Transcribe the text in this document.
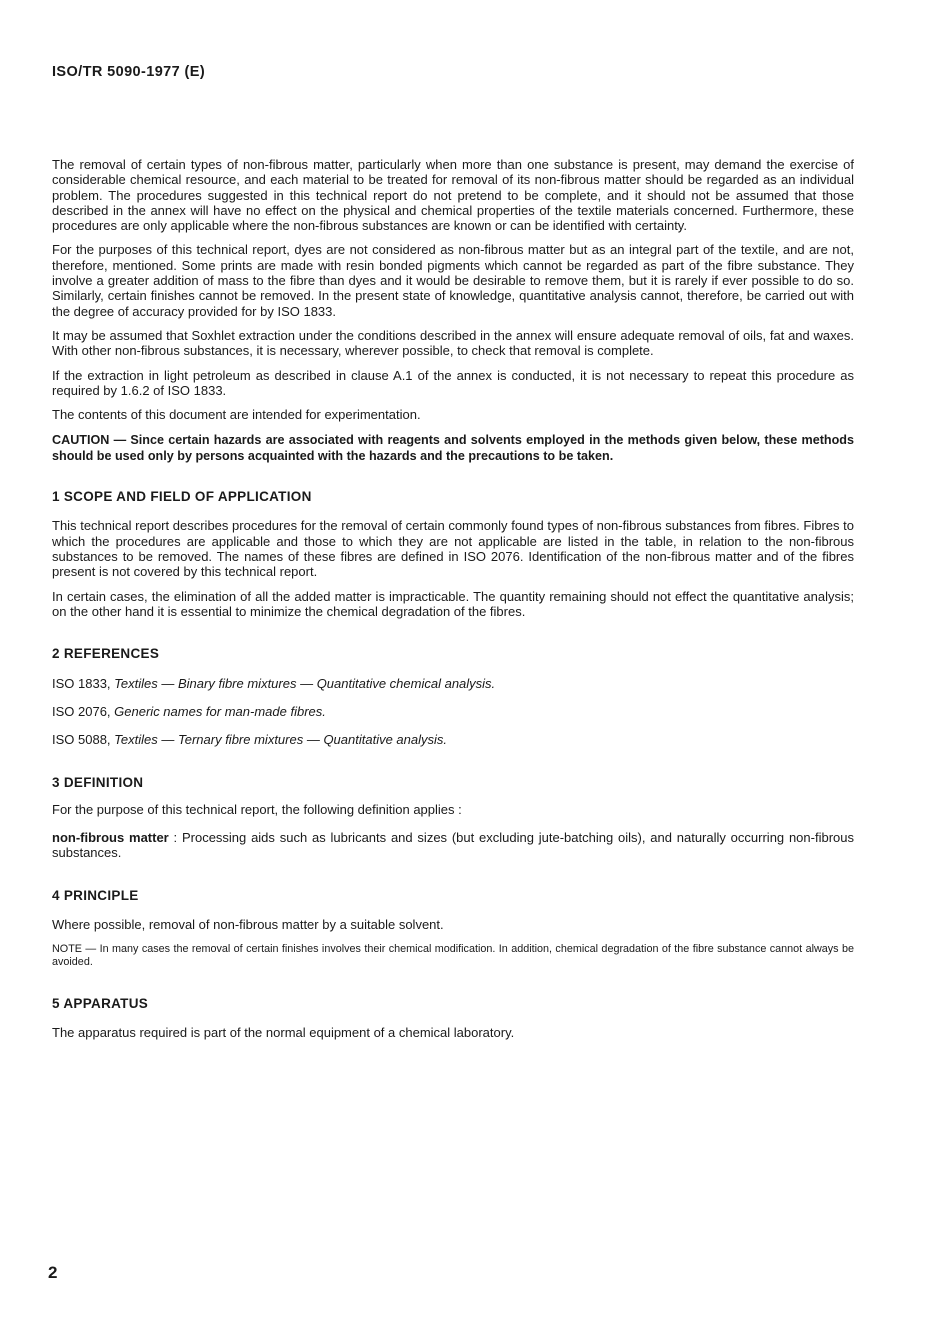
ISO/TR 5090-1977 (E)

The removal of certain types of non-fibrous matter, particularly when more than one substance is present, may demand the exercise of considerable chemical resource, and each material to be treated for removal of its non-fibrous matter should be regarded as an individual problem. The procedures suggested in this technical report do not pretend to be complete, and it should not be assumed that those described in the annex will have no effect on the physical and chemical properties of the textile materials concerned. Furthermore, these procedures are only applicable where the non-fibrous substances are known or can be identified with certainty.

For the purposes of this technical report, dyes are not considered as non-fibrous matter but as an integral part of the textile, and are not, therefore, mentioned. Some prints are made with resin bonded pigments which cannot be regarded as part of the fibre substance. They involve a greater addition of mass to the fibre than dyes and it would be desirable to remove them, but it is rarely if ever possible to do so. Similarly, certain finishes cannot be removed. In the present state of knowledge, quantitative analysis cannot, therefore, be carried out with the degree of accuracy provided for by ISO 1833.

It may be assumed that Soxhlet extraction under the conditions described in the annex will ensure adequate removal of oils, fat and waxes. With other non-fibrous substances, it is necessary, wherever possible, to check that removal is complete.

If the extraction in light petroleum as described in clause A.1 of the annex is conducted, it is not necessary to repeat this procedure as required by 1.6.2 of ISO 1833.

The contents of this document are intended for experimentation.

CAUTION — Since certain hazards are associated with reagents and solvents employed in the methods given below, these methods should be used only by persons acquainted with the hazards and the precautions to be taken.

1 SCOPE AND FIELD OF APPLICATION

This technical report describes procedures for the removal of certain commonly found types of non-fibrous substances from fibres. Fibres to which the procedures are applicable and those to which they are not applicable are listed in the table, in relation to the non-fibrous substances to be removed. The names of these fibres are defined in ISO 2076. Identification of the non-fibrous matter and of the fibres present is not covered by this technical report.

In certain cases, the elimination of all the added matter is impracticable. The quantity remaining should not effect the quantitative analysis; on the other hand it is essential to minimize the chemical degradation of the fibres.

2 REFERENCES
ISO 1833, Textiles — Binary fibre mixtures — Quantitative chemical analysis.
ISO 2076, Generic names for man-made fibres.
ISO 5088, Textiles — Ternary fibre mixtures — Quantitative analysis.
3 DEFINITION

For the purpose of this technical report, the following definition applies :

non-fibrous matter : Processing aids such as lubricants and sizes (but excluding jute-batching oils), and naturally occurring non-fibrous substances.

4 PRINCIPLE

Where possible, removal of non-fibrous matter by a suitable solvent.

NOTE — In many cases the removal of certain finishes involves their chemical modification. In addition, chemical degradation of the fibre substance cannot always be avoided.

5 APPARATUS

The apparatus required is part of the normal equipment of a chemical laboratory.

2
